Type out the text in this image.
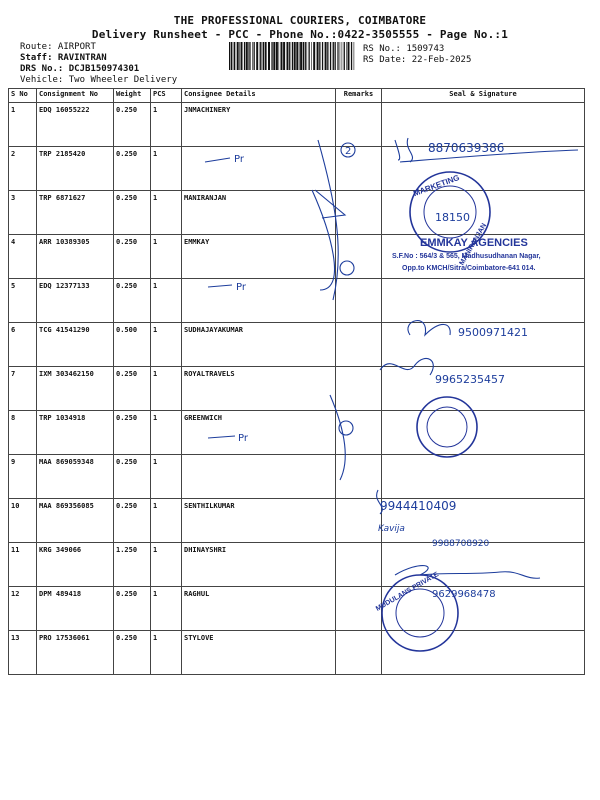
THE PROFESSIONAL COURIERS, COIMBATORE
Delivery Runsheet - PCC - Phone No.:0422-3505555 - Page No.:1
Route: AIRPORT
Staff: RAVINTRAN
DRS No.: DCJB150974301
Vehicle: Two Wheeler Delivery
RS No.: 1509743
RS Date: 22-Feb-2025
S No	Consignment No	Weight	PCS	Consignee Details	Remarks	Seal & Signature
1	EDQ 16055222	0.250	1	JNMACHINERY		
2	TRP 2185420	0.250	1			
3	TRP 6871627	0.250	1	MANIRANJAN		
4	ARR 10389305	0.250	1	EMMKAY		
5	EDQ 12377133	0.250	1			
6	TCG 41541290	0.500	1	SUDHAJAYAKUMAR		
7	IXM 303462150	0.250	1	ROYALTRAVELS		
8	TRP 1034918	0.250	1	GREENWICH		
9	MAA 869059348	0.250	1			
10	MAA 869356085	0.250	1	SENTHILKUMAR		
11	KRG 349066	1.250	1	DHINAYSHRI		
12	DPM 489418	0.250	1	RAGHUL		
13	PRO 17536061	0.250	1	STYLOVE		
2	8870639386
Pr
18150
Pr
9500971421
9965235457
Pr
9944410409
Kavija
9988708920
9629968478
MARKETING
MANIRANJAN
EMMKAY AGENCIES
S.F.No : 564/3 & 565, Madhusudhanan Nagar,
Opp.to KMCH/Sitra/Coimbatore-641 014.
MUDULANS PRIVATE
